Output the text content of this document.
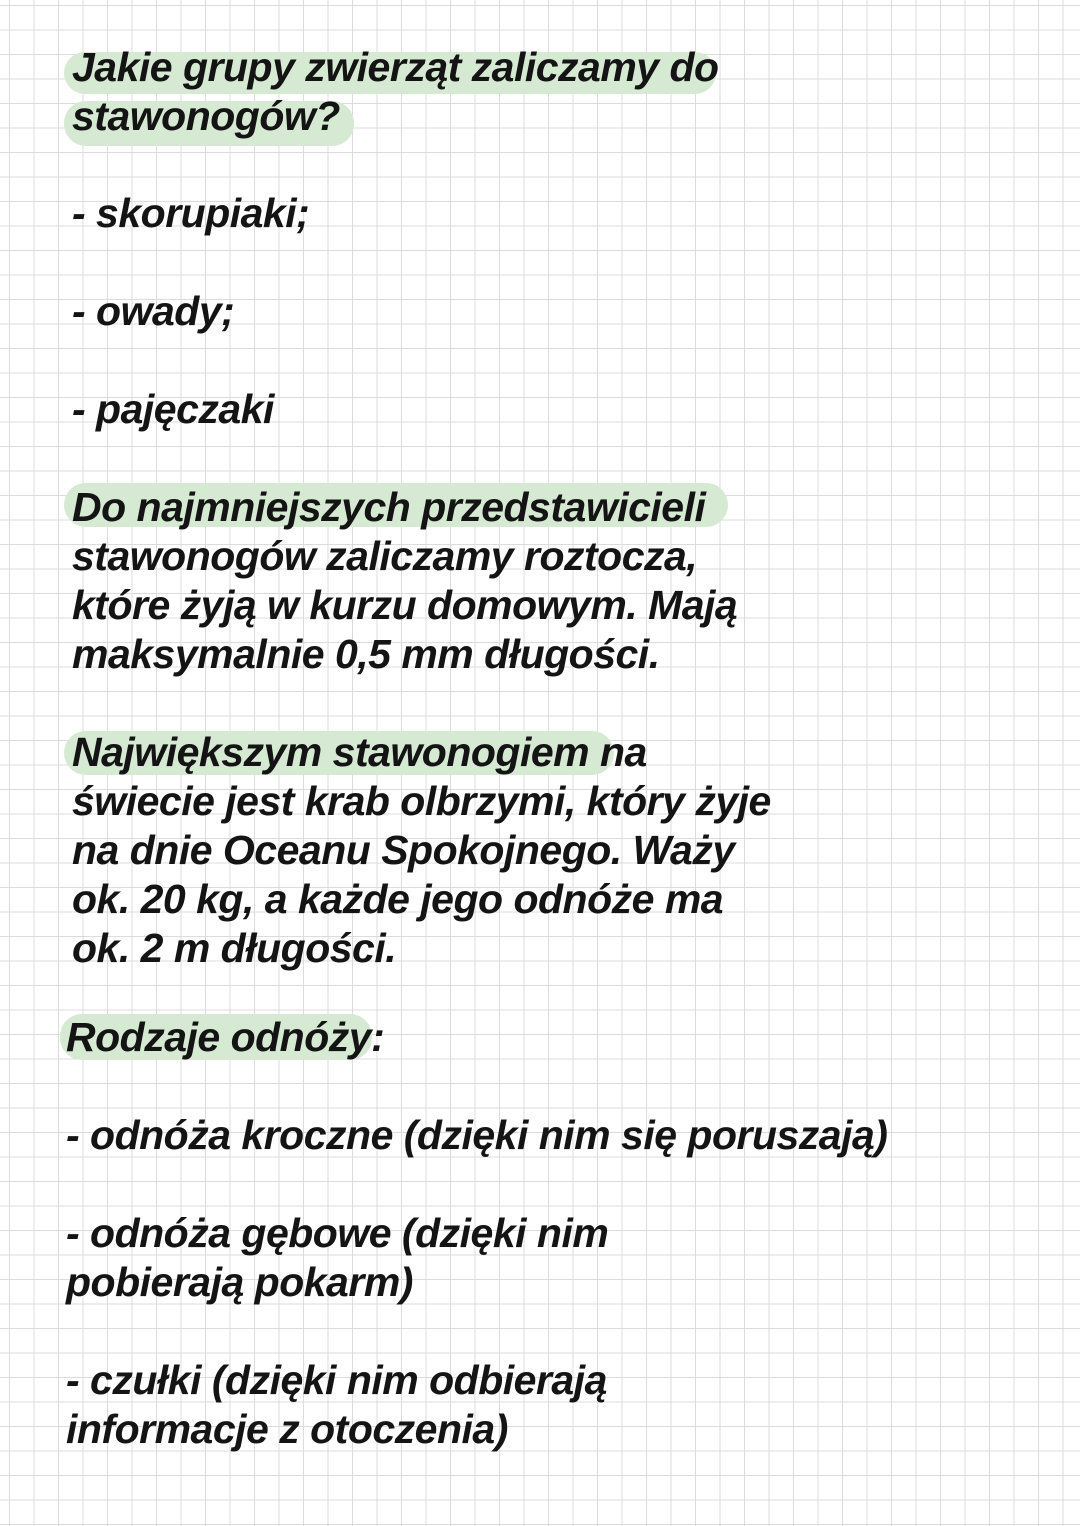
Jakie grupy zwierząt zaliczamy do

stawonogów?

- skorupiaki;

- owady;

- pajęczaki

Do najmniejszych przedstawicieli

stawonogów zaliczamy roztocza,

które żyją w kurzu domowym. Mają

maksymalnie 0,5 mm długości.

Największym stawonogiem na

świecie jest krab olbrzymi, który żyje

na dnie Oceanu Spokojnego. Waży

ok. 20 kg, a każde jego odnóże ma

ok. 2 m długości.

Rodzaje odnóży:

- odnóża kroczne (dzięki nim się poruszają)

- odnóża gębowe (dzięki nim

pobierają pokarm)

- czułki (dzięki nim odbierają

informacje z otoczenia)
